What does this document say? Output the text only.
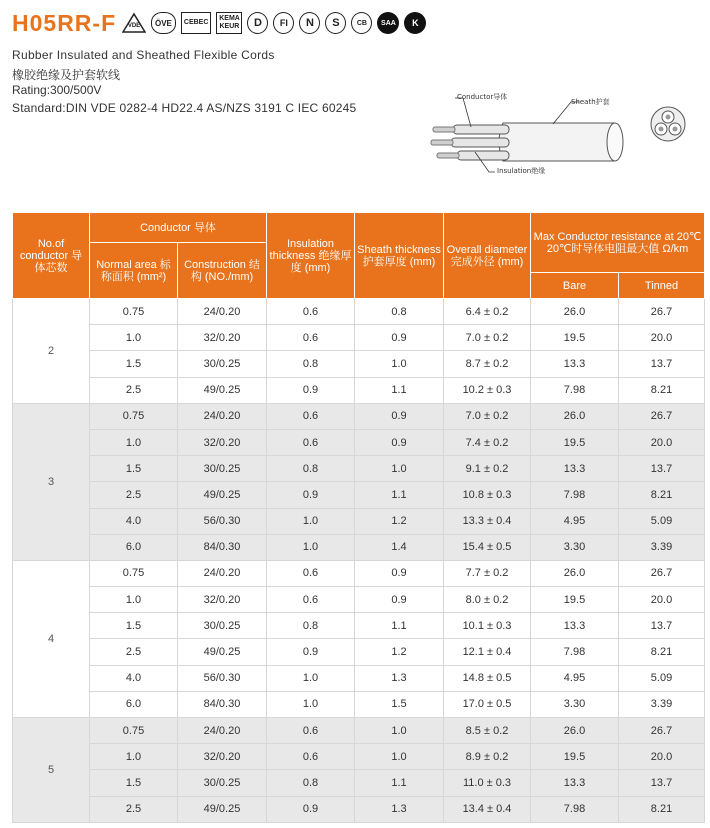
H05RR-F VDE	ÖVE	CEBEC
KEMA KEUR	D	FI	N	S	CB	SAA	K
Rubber Insulated and Sheathed Flexible Cords
橡胶绝缘及护套软线
Rating:300/500V
Standard:DIN VDE 0282-4 HD22.4 AS/NZS 3191 C IEC 60245
Conductor导体
Sheath护套
Insulation绝缘
No.of conductor 导体芯数	Conductor 导体		Insulation thickness 绝缘厚度 (mm)	Sheath thickness 护套厚度 (mm)	Overall diameter 完成外径 (mm)	Max Conductor resistance at 20℃ 20℃时导体电阻最大值 Ω/km	
	Normal area 标称面积 (mm²)	Construction 结构 (NO./mm)					
						Bare	Tinned
2	0.75	24/0.20	0.6	0.8	6.4 ± 0.2	26.0	26.7
	1.0	32/0.20	0.6	0.9	7.0 ± 0.2	19.5	20.0
	1.5	30/0.25	0.8	1.0	8.7 ± 0.2	13.3	13.7
	2.5	49/0.25	0.9	1.1	10.2 ± 0.3	7.98	8.21
3	0.75	24/0.20	0.6	0.9	7.0 ± 0.2	26.0	26.7
	1.0	32/0.20	0.6	0.9	7.4 ± 0.2	19.5	20.0
	1.5	30/0.25	0.8	1.0	9.1 ± 0.2	13.3	13.7
	2.5	49/0.25	0.9	1.1	10.8 ± 0.3	7.98	8.21
	4.0	56/0.30	1.0	1.2	13.3 ± 0.4	4.95	5.09
	6.0	84/0.30	1.0	1.4	15.4 ± 0.5	3.30	3.39
4	0.75	24/0.20	0.6	0.9	7.7 ± 0.2	26.0	26.7
	1.0	32/0.20	0.6	0.9	8.0 ± 0.2	19.5	20.0
	1.5	30/0.25	0.8	1.1	10.1 ± 0.3	13.3	13.7
	2.5	49/0.25	0.9	1.2	12.1 ± 0.4	7.98	8.21
	4.0	56/0.30	1.0	1.3	14.8 ± 0.5	4.95	5.09
	6.0	84/0.30	1.0	1.5	17.0 ± 0.5	3.30	3.39
5	0.75	24/0.20	0.6	1.0	8.5 ± 0.2	26.0	26.7
	1.0	32/0.20	0.6	1.0	8.9 ± 0.2	19.5	20.0
	1.5	30/0.25	0.8	1.1	11.0 ± 0.3	13.3	13.7
	2.5	49/0.25	0.9	1.3	13.4 ± 0.4	7.98	8.21
